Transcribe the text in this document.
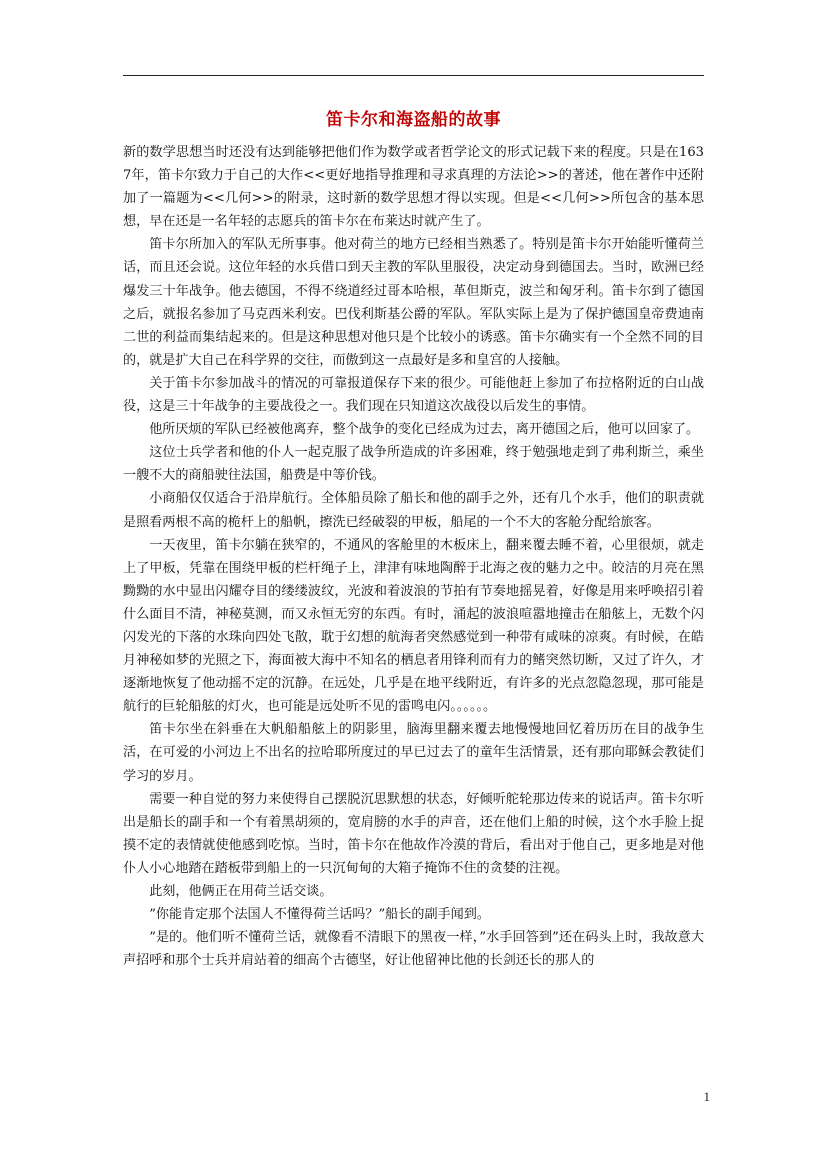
笛卡尔和海盗船的故事

新的数学思想当时还没有达到能够把他们作为数学或者哲学论文的形式记载下来的程度。只是在1637年，笛卡尔致力于自己的大作<<更好地指导推理和寻求真理的方法论>>的著述，他在著作中还附加了一篇题为<<几何>>的附录，这时新的数学思想才得以实现。但是<<几何>>所包含的基本思想，早在还是一名年轻的志愿兵的笛卡尔在布莱达时就产生了。

笛卡尔所加入的军队无所事事。他对荷兰的地方已经相当熟悉了。特别是笛卡尔开始能听懂荷兰话，而且还会说。这位年轻的水兵借口到天主教的军队里服役，决定动身到德国去。当时，欧洲已经爆发三十年战争。他去德国，不得不绕道经过哥本哈根，革但斯克，波兰和匈牙利。笛卡尔到了德国之后，就报名参加了马克西米利安。巴伐利斯基公爵的军队。军队实际上是为了保护德国皇帝费迪南二世的利益而集结起来的。但是这种思想对他只是个比较小的诱惑。笛卡尔确实有一个全然不同的目的，就是扩大自己在科学界的交往，而傲到这一点最好是多和皇宫的人接触。

关于笛卡尔参加战斗的情况的可靠报道保存下来的很少。可能他赶上参加了布拉格附近的白山战役，这是三十年战争的主要战役之一。我们现在只知道这次战役以后发生的事情。

他所厌烦的军队已经被他离弃，整个战争的变化已经成为过去，离开德国之后，他可以回家了。

这位士兵学者和他的仆人一起克服了战争所造成的许多困难，终于勉强地走到了弗利斯兰，乘坐一艘不大的商船驶往法国，船费是中等价钱。

小商船仅仅适合于沿岸航行。全体船员除了船长和他的副手之外，还有几个水手，他们的职责就是照看两根不高的桅杆上的船帆，擦洗已经破裂的甲板，船尾的一个不大的客舱分配给旅客。

一天夜里，笛卡尔躺在狭窄的，不通风的客舱里的木板床上，翻来覆去睡不着，心里很烦，就走上了甲板，凭靠在围绕甲板的栏杆绳子上，津津有味地陶醉于北海之夜的魅力之中。皎洁的月亮在黑黝黝的水中显出闪耀夺目的缕缕波纹，光波和着波浪的节拍有节奏地摇晃着，好像是用来呼唤招引着什么面目不清，神秘莫测，而又永恒无穷的东西。有时，涌起的波浪喧嚣地撞击在船舷上，无数个闪闪发光的下落的水珠向四处飞散，耽于幻想的航海者突然感觉到一种带有咸味的凉爽。有时候，在皓月神秘如梦的光照之下，海面被大海中不知名的栖息者用锋利而有力的鳍突然切断，又过了许久，才逐渐地恢复了他动摇不定的沉静。在远处，几乎是在地平线附近，有许多的光点忽隐忽现，那可能是航行的巨轮船舷的灯火，也可能是远处听不见的雷鸣电闪。。。。。。

笛卡尔坐在斜垂在大帆船船舷上的阴影里，脑海里翻来覆去地慢慢地回忆着历历在目的战争生活，在可爱的小河边上不出名的拉哈耶所度过的早已过去了的童年生活情景，还有那向耶稣会教徒们学习的岁月。

需要一种自觉的努力来使得自己摆脱沉思默想的状态，好倾听舵轮那边传来的说话声。笛卡尔听出是船长的副手和一个有着黑胡须的，宽肩膀的水手的声音，还在他们上船的时候，这个水手脸上捉摸不定的表情就使他感到吃惊。当时，笛卡尔在他故作冷漠的背后，看出对于他自己，更多地是对他仆人小心地踏在踏板带到船上的一只沉甸甸的大箱子掩饰不住的贪婪的注视。

此刻，他俩正在用荷兰话交谈。

”你能肯定那个法国人不懂得荷兰话吗？”船长的副手闻到。

”是的。他们听不懂荷兰话，就像看不清眼下的黑夜一样，”水手回答到”还在码头上时，我故意大声招呼和那个士兵并肩站着的细高个古德坚，好让他留神比他的长剑还长的那人的

1
